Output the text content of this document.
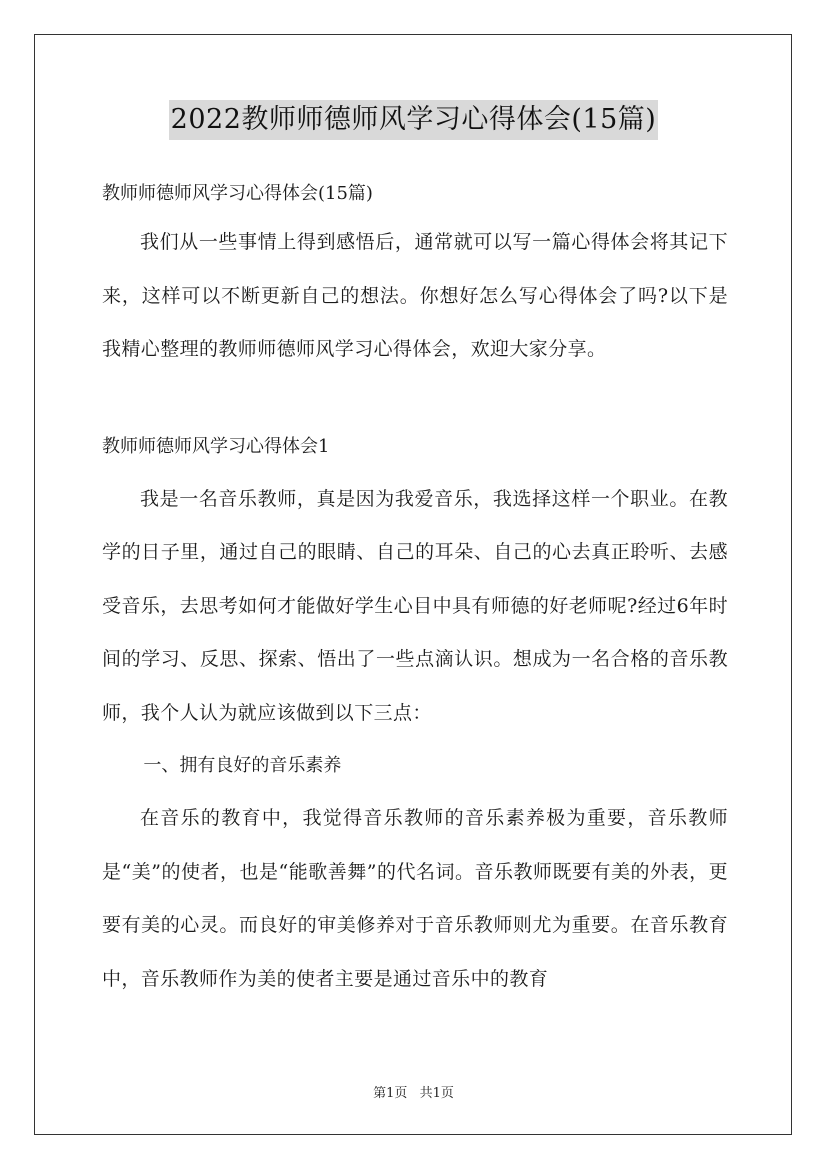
2022教师师德师风学习心得体会(15篇)

教师师德师风学习心得体会(15篇)

我们从一些事情上得到感悟后，通常就可以写一篇心得体会将其记下来，这样可以不断更新自己的想法。你想好怎么写心得体会了吗?以下是我精心整理的教师师德师风学习心得体会，欢迎大家分享。

教师师德师风学习心得体会1

我是一名音乐教师，真是因为我爱音乐，我选择这样一个职业。在教学的日子里，通过自己的眼睛、自己的耳朵、自己的心去真正聆听、去感受音乐，去思考如何才能做好学生心目中具有师德的好老师呢?经过6年时间的学习、反思、探索、悟出了一些点滴认识。想成为一名合格的音乐教师，我个人认为就应该做到以下三点：

一、拥有良好的音乐素养

在音乐的教育中，我觉得音乐教师的音乐素养极为重要，音乐教师是“美”的使者，也是“能歌善舞”的代名词。音乐教师既要有美的外表，更要有美的心灵。而良好的审美修养对于音乐教师则尤为重要。在音乐教育中，音乐教师作为美的使者主要是通过音乐中的教育

第1页 共1页
